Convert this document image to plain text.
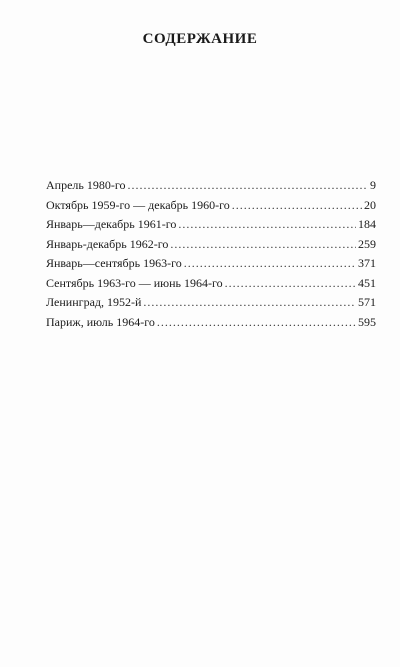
СОДЕРЖАНИЕ
Апрель 1980-го . . .	9
Октябрь 1959-го — декабрь 1960-го . . .	20
Январь—декабрь 1961-го . . .	184
Январь-декабрь 1962-го . . .	259
Январь—сентябрь 1963-го . . .	371
Сентябрь 1963-го — июнь 1964-го . . .	451
Ленинград, 1952-й . . .	571
Париж, июль 1964-го . . .	595
